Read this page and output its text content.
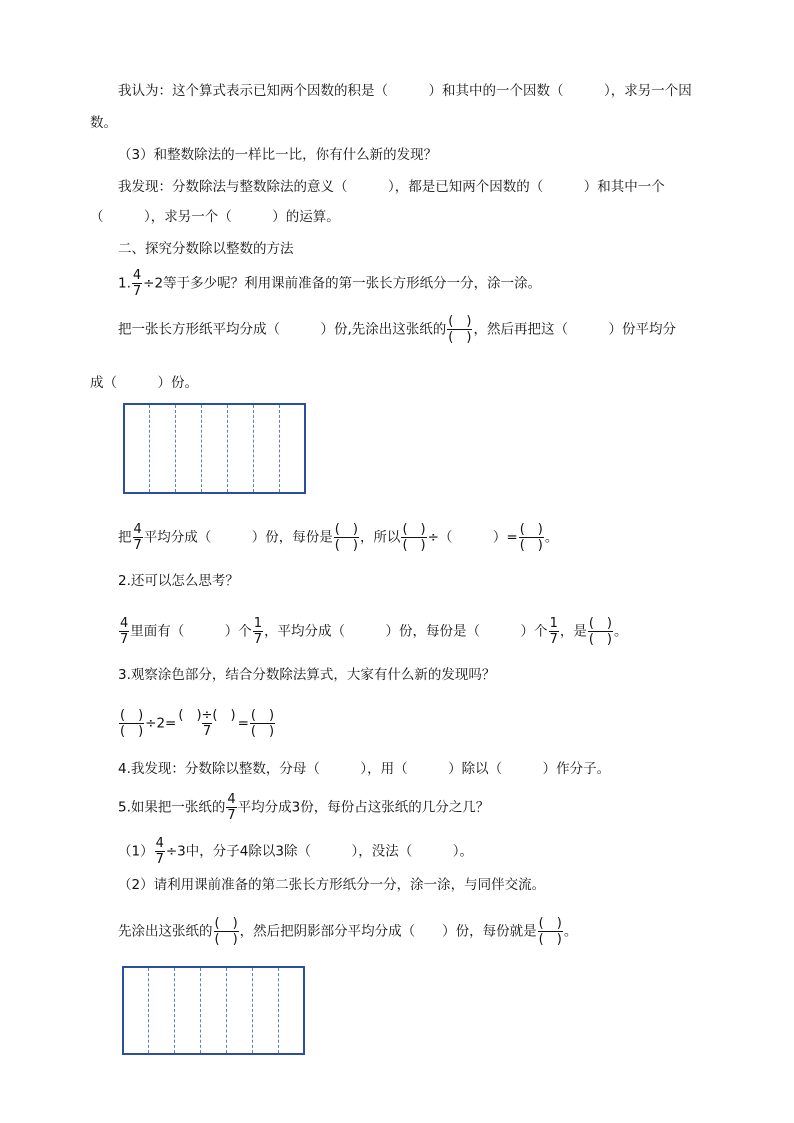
我认为：这个算式表示已知两个因数的积是（　　　）和其中的一个因数（　　　），求另一个因
数。
（3）和整数除法的一样比一比，你有什么新的发现？
我发现：分数除法与整数除法的意义（　　　），都是已知两个因数的（　　　）和其中一个
（　　　），求另一个（　　　）的运算。
二、探究分数除以整数的方法
1. $\frac{4}{7} \div 2$等于多少呢？利用课前准备的第一张长方形纸分一分，涂一涂。
把一张长方形纸平均分成（　　　）份,先涂出这张纸的 $\frac{( )}{( )}$ ，然后再把这（　　　）份平均分
成（　　　）份。
把 $\frac{4}{7}$ 平均分成（　　　）份，每份是 $\frac{( )}{( )}$ ，所以 $\frac{( )}{( )}$ ÷（　　　）= $\frac{( )}{( )}$ 。
2.还可以怎么思考？
$\frac{4}{7}$ 里面有（　　　）个 $\frac{1}{7}$ ，平均分成（　　　）份，每份是（　　　）个 $\frac{1}{7}$ ，是 $\frac{( )}{( )}$ 。
3.观察涂色部分，结合分数除法算式，大家有什么新的发现吗？
$\frac{( )}{( )} \div 2= \frac{( )\div( )}{7} = \frac{( )}{( )}$
4.我发现：分数除以整数，分母（　　　），用（　　　）除以（　　　）作分子。
5.如果把一张纸的 $\frac{4}{7}$ 平均分成3份，每份占这张纸的几分之几？
$(1) \frac{4}{7} \div 3$中，分子4除以3除（　　　），没法（　　　）。
（2）请利用课前准备的第二张长方形纸分一分，涂一涂，与同伴交流。
先涂出这张纸的 $\frac{( )}{( )}$ ，然后把阴影部分平均分成（　　）份，每份就是 $\frac{( )}{( )}$ 。
